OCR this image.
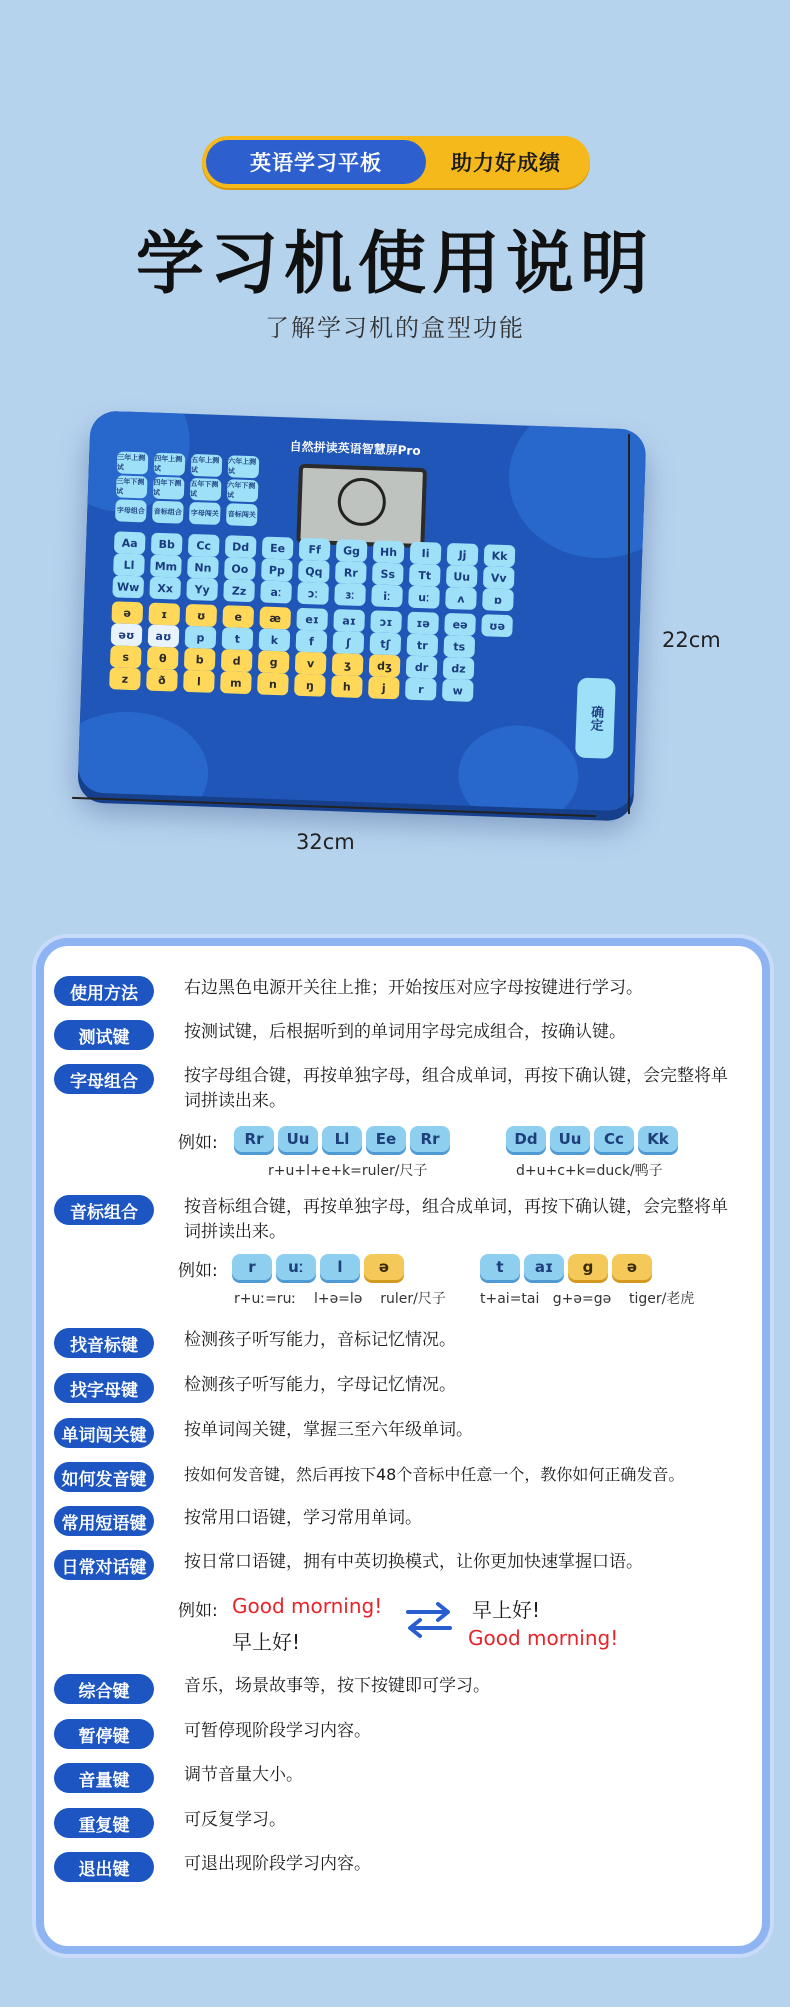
英语学习平板	助力好成绩
学习机使用说明
了解学习机的盒型功能
自然拼读英语智慧屏Pro
三年上测试
四年上测试
五年上测试
六年上测试
三年下测试
四年下测试
五年下测试
六年下测试
字母组合 音标组合 字母闯关 音标闯关
Aa	Bb	Cc	Dd	Ee	Ff	Gg	Hh	Ii	Jj	Kk
Ll	Mm	Nn	Oo	Pp	Qq	Rr	Ss	Tt	Uu	Vv
Ww	Xx	Yy	Zz	aː	ɔː	ɜː	iː	uː	ʌ	ɒ
ə	ɪ	ʊ	e	æ	eɪ	aɪ	ɔɪ	ɪə	eə	ʊə
əʊ	aʊ	p	t	k	f	ʃ	tʃ	tr	ts
s	θ	b	d	g	v	ʒ	dʒ	dr	dz
z	ð	l	m	n	ŋ	h	j	r	w
确定
32cm
22cm
使用方法	右边黑色电源开关往上推；开始按压对应字母按键进行学习。
测试键	按测试键，后根据听到的单词用字母完成组合，按确认键。
字母组合	按字母组合键，再按单独字母，组合成单词，再按下确认键，会完整将单词拼读出来。
音标组合	按音标组合键，再按单独字母，组合成单词，再按下确认键，会完整将单词拼读出来。
找音标键	检测孩子听写能力，音标记忆情况。
找字母键	检测孩子听写能力，字母记忆情况。
单词闯关键	按单词闯关键，掌握三至六年级单词。
如何发音键	按如何发音键，然后再按下48个音标中任意一个，教你如何正确发音。
常用短语键	按常用口语键，学习常用单词。
日常对话键	按日常口语键，拥有中英切换模式，让你更加快速掌握口语。
综合键	音乐，场景故事等，按下按键即可学习。
暂停键	可暂停现阶段学习内容。
音量键	调节音量大小。
重复键	可反复学习。
退出键	可退出现阶段学习内容。
例如:	Rr Uu Ll Ee Rr
r+u+l+e+k=ruler/尺子
Dd Uu Cc Kk
d+u+c+k=duck/鸭子
例如:	r uː l ə
r+uː=ruː    l+ə=lə    ruler/尺子
t aɪ g ə
t+ai=tai   g+ə=gə    tiger/老虎
例如: Good morning!
早上好!
早上好!
Good morning!
